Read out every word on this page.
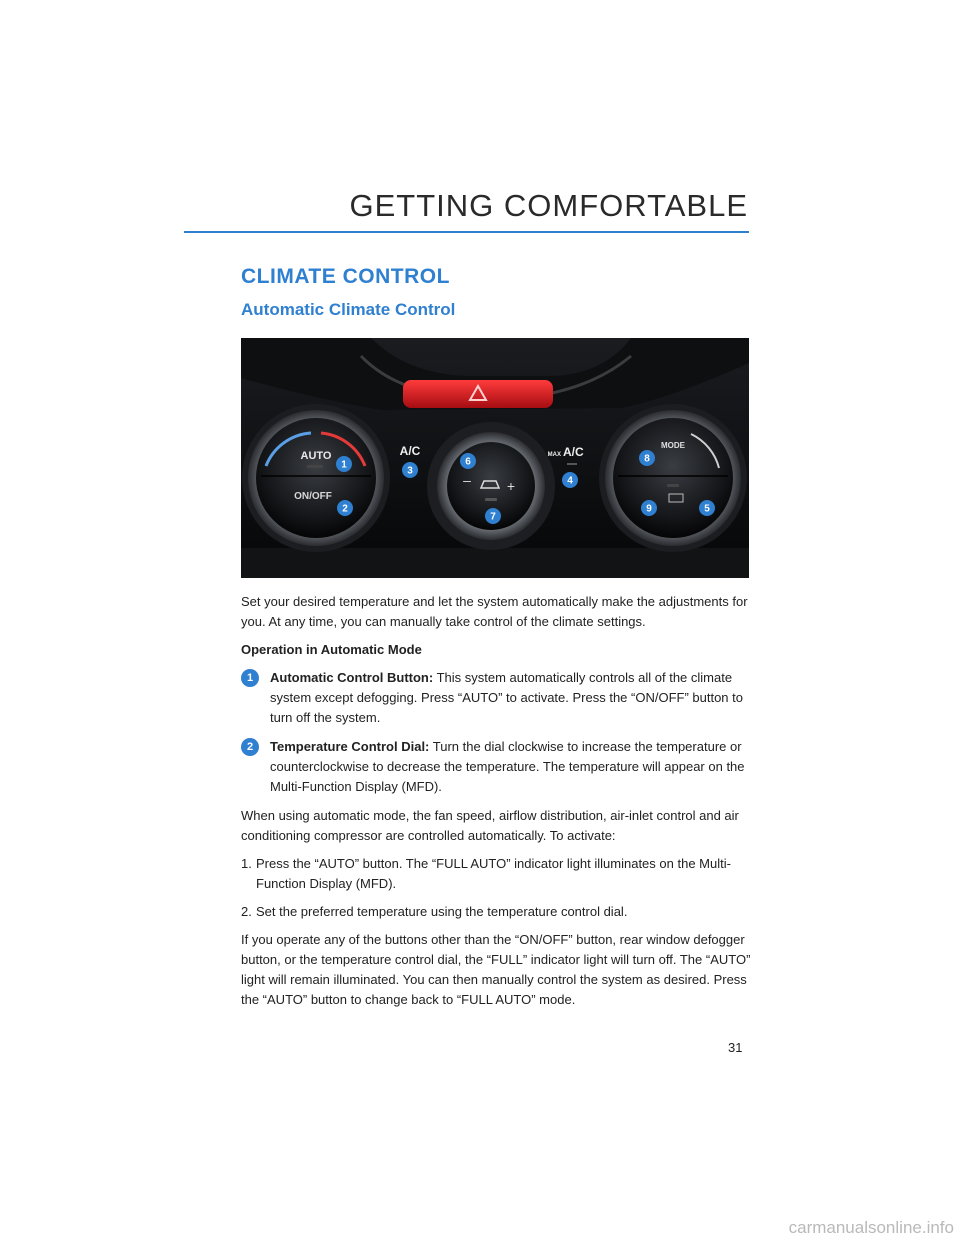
GETTING COMFORTABLE
CLIMATE CONTROL
Automatic Climate Control
AUTO
ON/OFF
–	+
A/C	MAX A/C	MODE
1
2
3
4
5
6
7
8
9

Set your desired temperature and let the system automatically make the adjustments for you. At any time, you can manually take control of the climate settings.

Operation in Automatic Mode
1	Automatic Control Button: This system automatically controls all of the climate system except defogging. Press “AUTO” to activate. Press the “ON/OFF” button to turn off the system.
2	Temperature Control Dial: Turn the dial clockwise to increase the temperature or counterclockwise to decrease the temperature. The temperature will appear on the Multi-Function Display (MFD).

When using automatic mode, the fan speed, airflow distribution, air-inlet control and air conditioning compressor are controlled automatically. To activate:

1. Press the “AUTO” button. The “FULL AUTO” indicator light illuminates on the Multi-Function Display (MFD).
2. Set the preferred temperature using the temperature control dial.

If you operate any of the buttons other than the “ON/OFF” button, rear window defogger button, or the temperature control dial, the “FULL” indicator light will turn off. The “AUTO” light will remain illuminated. You can then manually control the system as desired. Press the “AUTO” button to change back to “FULL AUTO” mode.

31
carmanualsonline.info
